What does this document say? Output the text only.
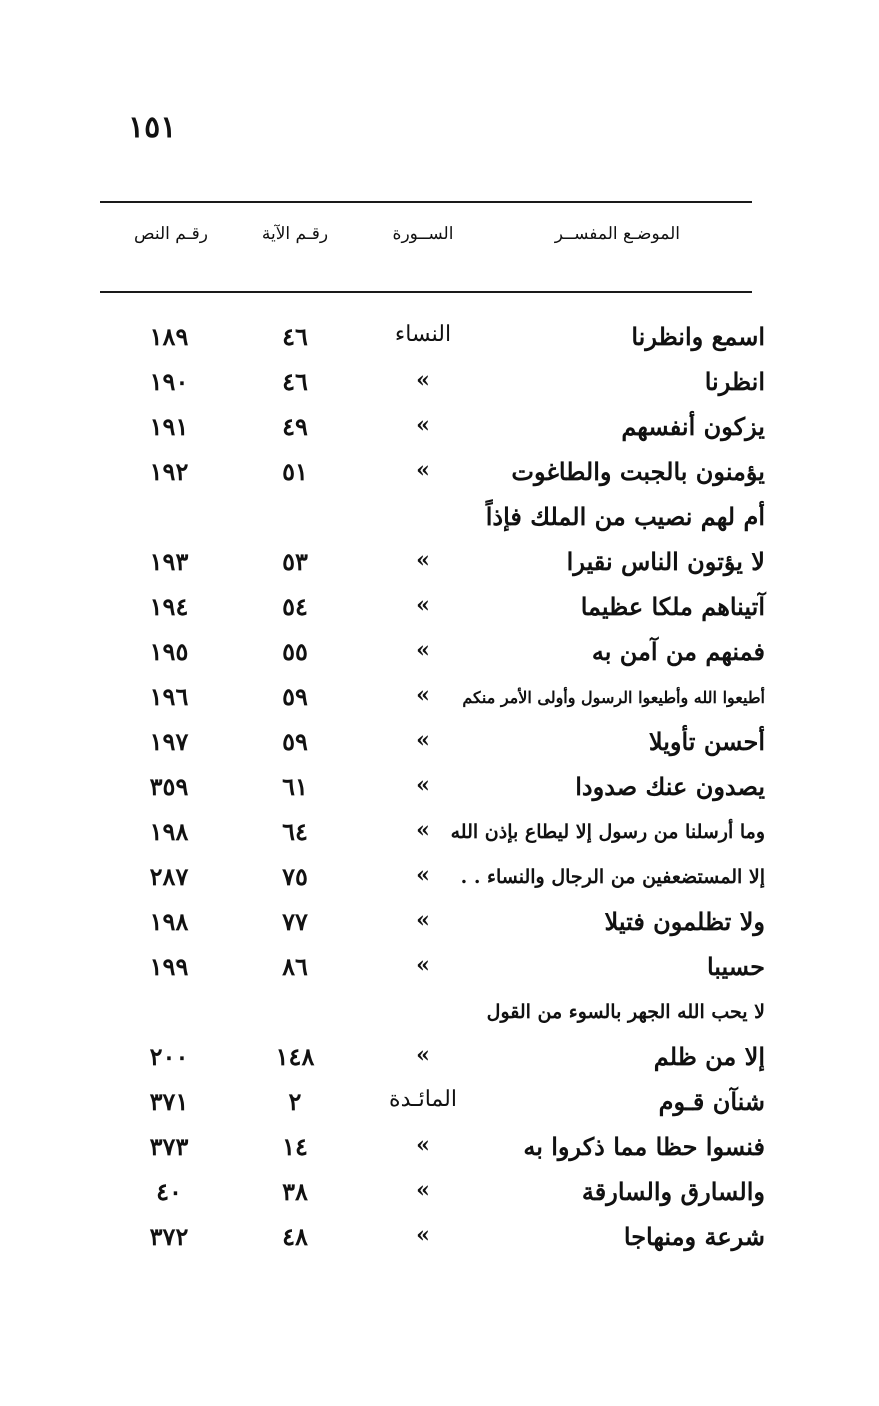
١٥١
الموضـع المفســر
الســورة
رقـم الآية
رقـم النص
اسمع وانظرنا
النساء
٤٦
١٨٩
انظرنا
»
٤٦
١٩٠
يزكون أنفسهم
»
٤٩
١٩١
يؤمنون بالجبت والطاغوت
»
٥١
١٩٢
أم لهم نصيب من الملك فإذاً
لا يؤتون الناس نقيرا
»
٥٣
١٩٣
آتيناهم ملكا عظيما
»
٥٤
١٩٤
فمنهم من آمن به
»
٥٥
١٩٥
أطيعوا الله وأطيعوا الرسول وأولى الأمر منكم
»
٥٩
١٩٦
أحسن تأويلا
»
٥٩
١٩٧
يصدون عنك صدودا
»
٦١
٣٥٩
وما أرسلنا من رسول إلا ليطاع بإذن الله
»
٦٤
١٩٨
إلا المستضعفين من الرجال والنساء . .
»
٧٥
٢٨٧
ولا تظلمون فتيلا
»
٧٧
١٩٨
حسيبا
»
٨٦
١٩٩
لا يحب الله الجهر بالسوء من القول
إلا من ظلم
»
١٤٨
٢٠٠
شنآن قـوم
المائـدة
٢
٣٧١
فنسوا حظا مما ذكروا به
»
١٤
٣٧٣
والسارق والسارقة
»
٣٨
٤٠
شرعة ومنهاجا
»
٤٨
٣٧٢
